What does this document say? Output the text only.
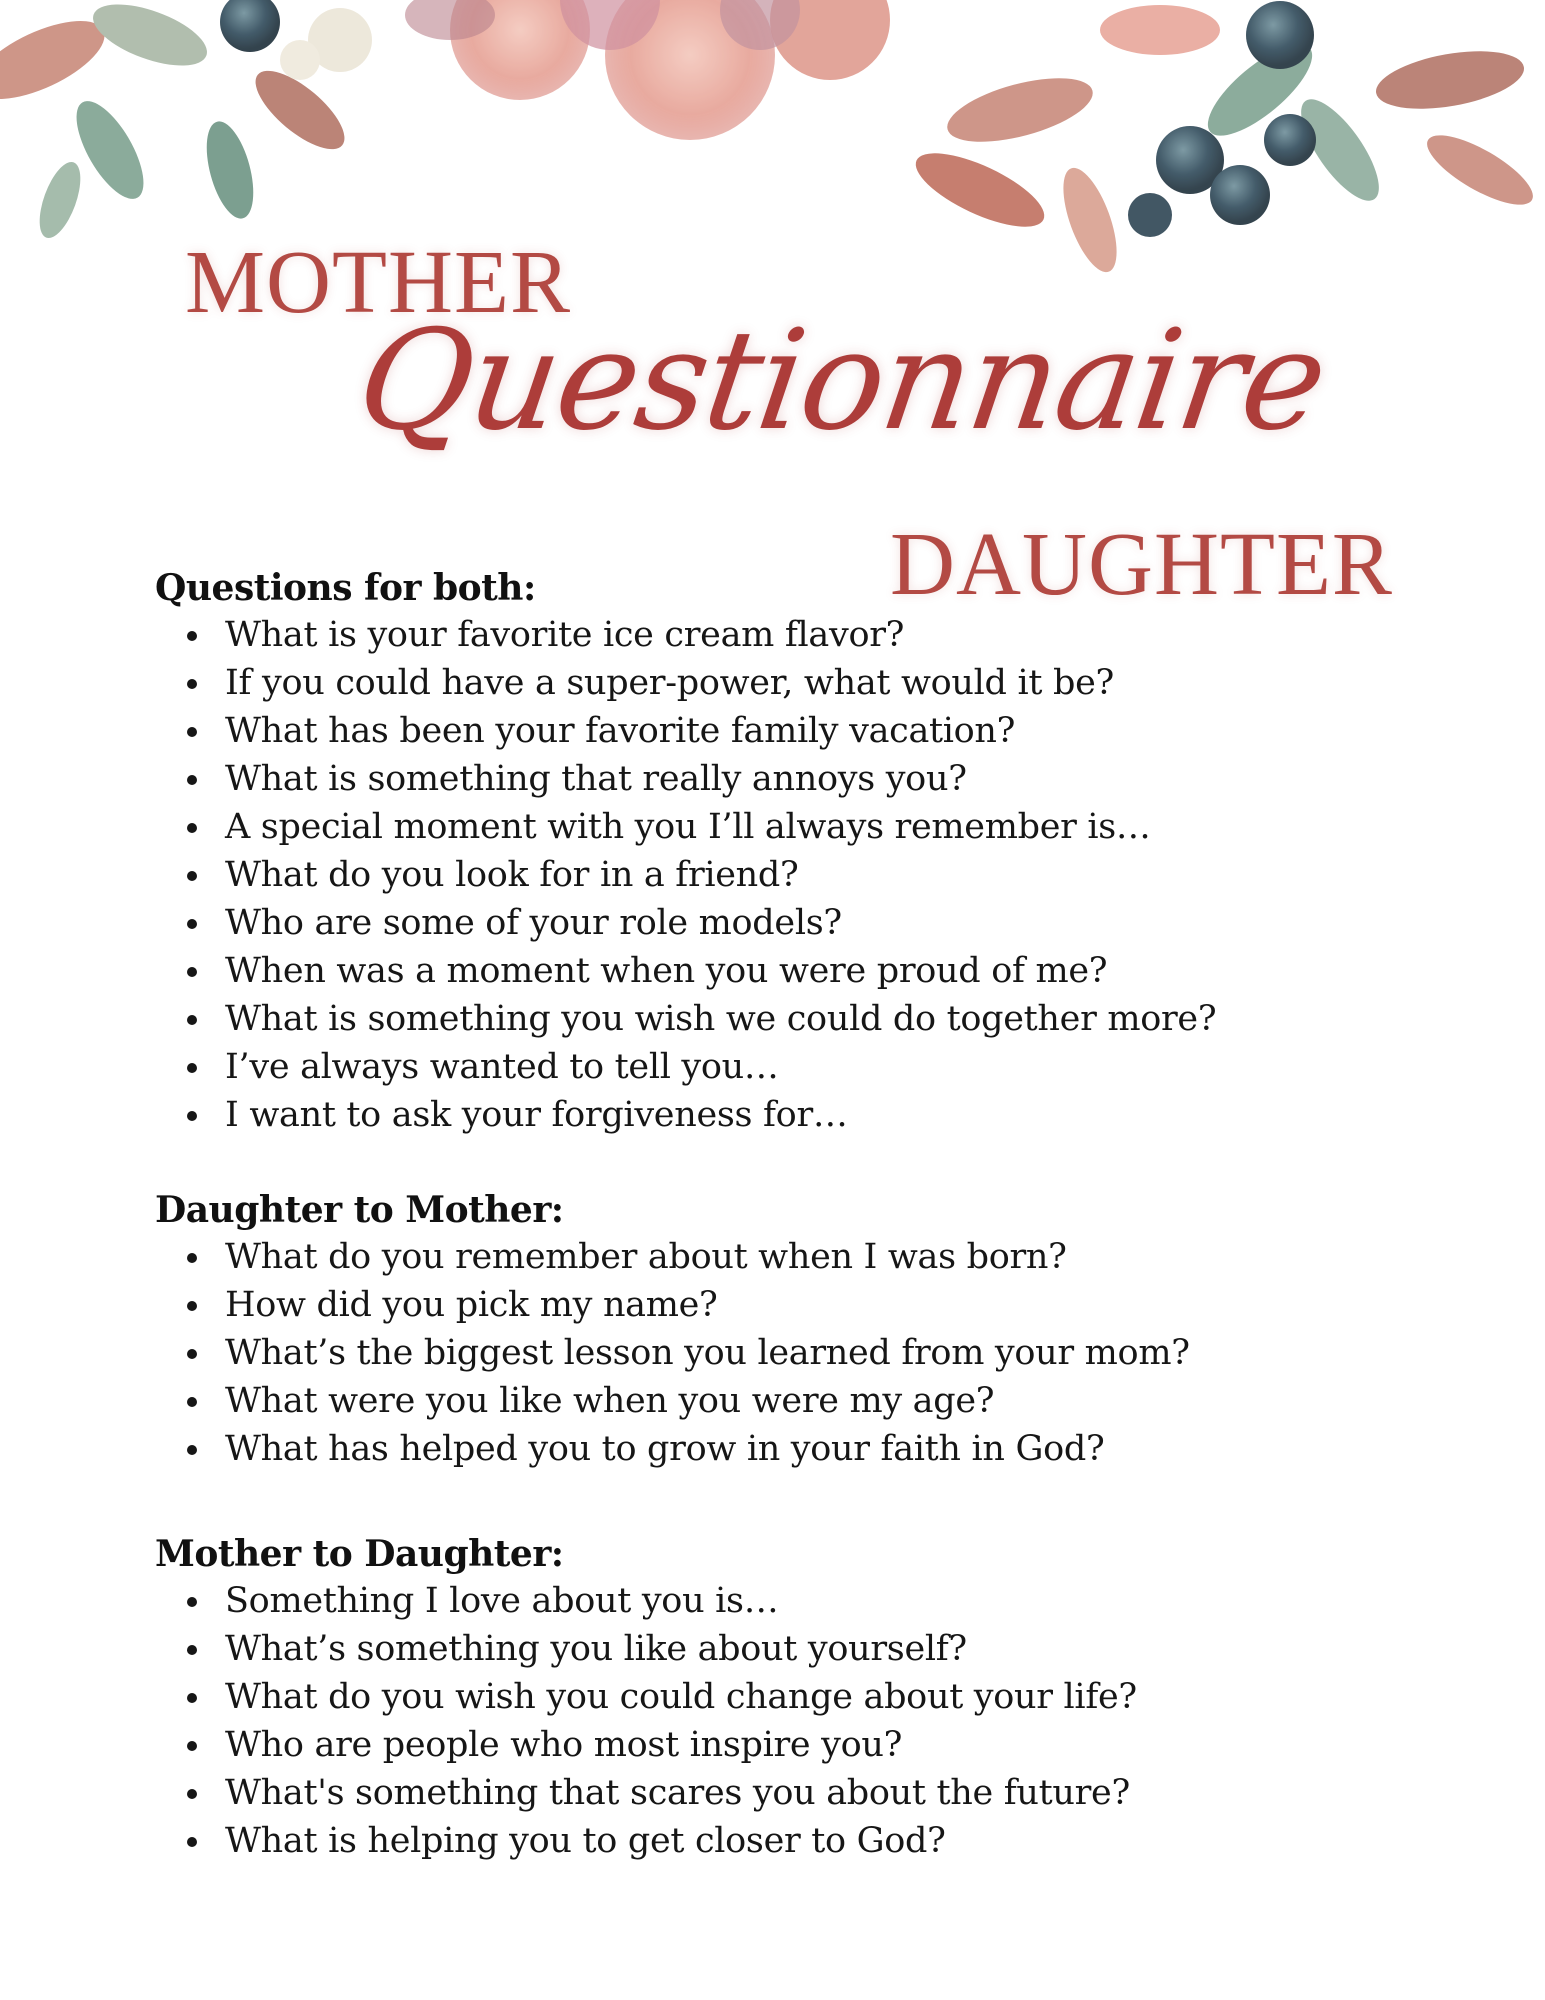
MOTHER
Questionnaire
DAUGHTER
Questions for both:
What is your favorite ice cream flavor?
If you could have a super-power, what would it be?
What has been your favorite family vacation?
What is something that really annoys you?
A special moment with you I’ll always remember is…
What do you look for in a friend?
Who are some of your role models?
When was a moment when you were proud of me?
What is something you wish we could do together more?
I’ve always wanted to tell you…
I want to ask your forgiveness for…
Daughter to Mother:
What do you remember about when I was born?
How did you pick my name?
What’s the biggest lesson you learned from your mom?
What were you like when you were my age?
What has helped you to grow in your faith in God?
Mother to Daughter:
Something I love about you is…
What’s something you like about yourself?
What do you wish you could change about your life?
Who are people who most inspire you?
What's something that scares you about the future?
What is helping you to get closer to God?
